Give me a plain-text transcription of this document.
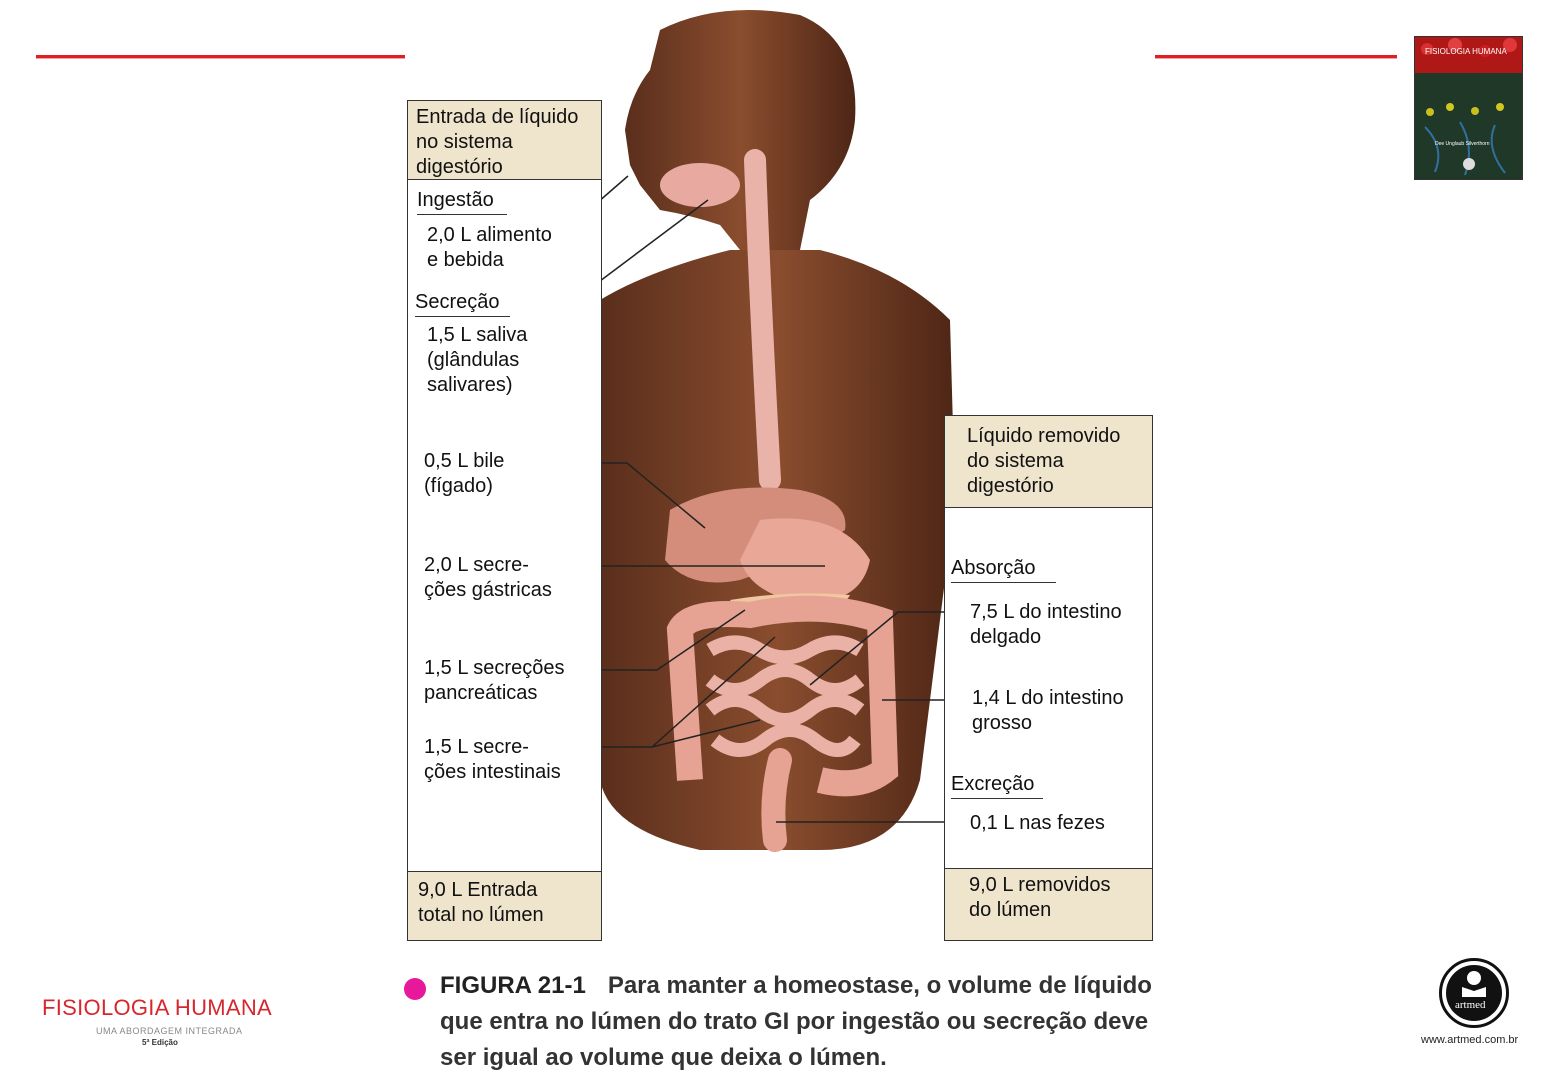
FISIOLOGIA HUMANA
Dee Unglaub Silverthorn
Entrada de líquido
no sistema
digestório
9,0 L Entrada
total no lúmen
Ingestão
2,0 L alimento
e bebida
Secreção
1,5 L saliva
(glândulas
salivares)
0,5 L bile
(fígado)
2,0 L secre-
ções gástricas
1,5 L secreções
pancreáticas
1,5 L secre-
ções intestinais
Líquido removido
do sistema
digestório
9,0 L removidos
do lúmen
Absorção
7,5 L do intestino
delgado
1,4 L do intestino
grosso
Excreção
0,1 L nas fezes
FIGURA 21-1 Para manter a homeostase, o volume de líquido que entra no lúmen do trato GI por ingestão ou secreção deve ser igual ao volume que deixa o lúmen.
FISIOLOGIA HUMANA
UMA ABORDAGEM INTEGRADA
5ª Edição
artmed
www.artmed.com.br
